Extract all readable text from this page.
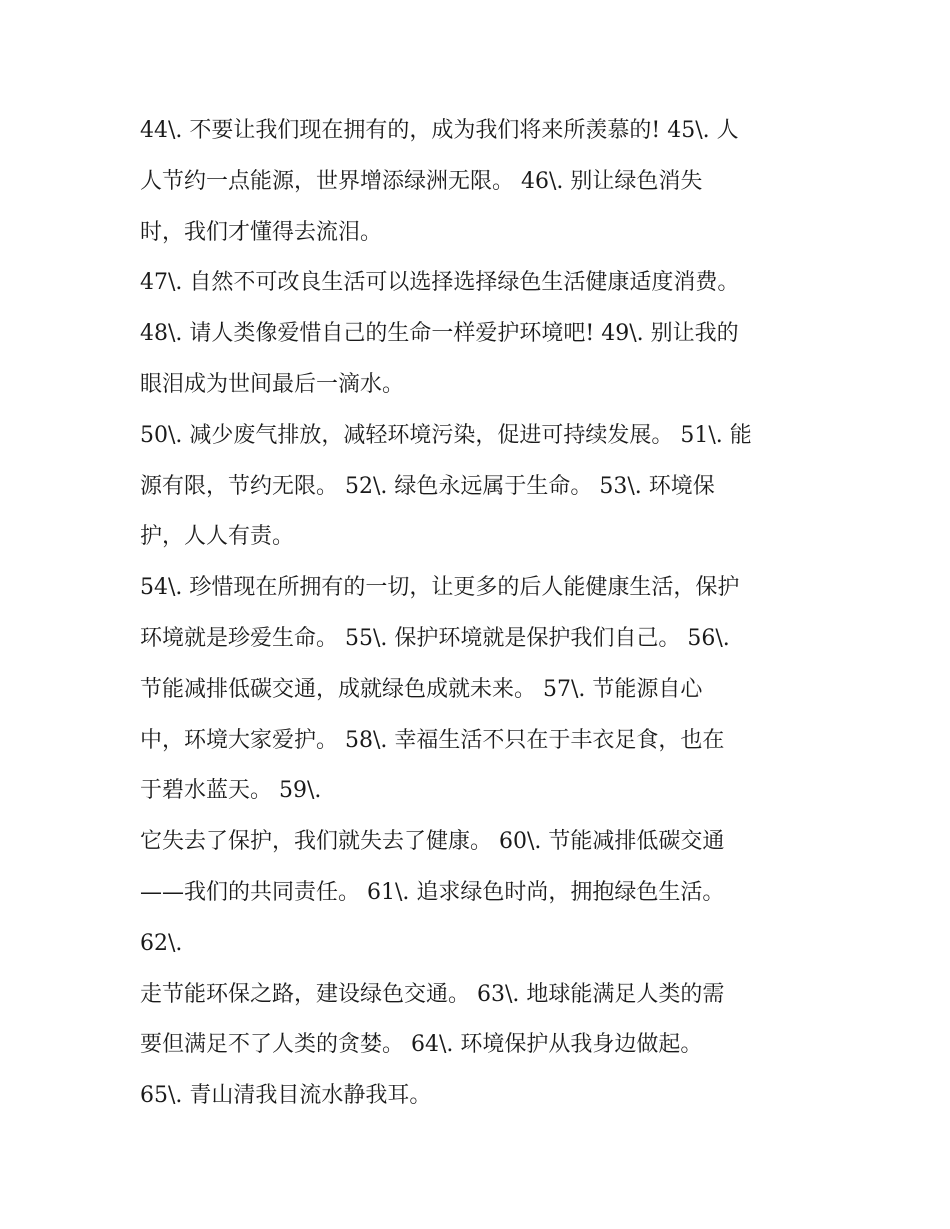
44\. 不要让我们现在拥有的，成为我们将来所羡慕的! 45\. 人
人节约一点能源，世界增添绿洲无限。 46\. 别让绿色消失
时，我们才懂得去流泪。
47\. 自然不可改良生活可以选择选择绿色生活健康适度消费。
48\. 请人类像爱惜自己的生命一样爱护环境吧! 49\. 别让我的
眼泪成为世间最后一滴水。
50\. 减少废气排放，减轻环境污染，促进可持续发展。 51\. 能
源有限，节约无限。 52\. 绿色永远属于生命。 53\. 环境保
护，人人有责。
54\. 珍惜现在所拥有的一切，让更多的后人能健康生活，保护
环境就是珍爱生命。 55\. 保护环境就是保护我们自己。 56\.
节能减排低碳交通，成就绿色成就未来。 57\. 节能源自心
中，环境大家爱护。 58\. 幸福生活不只在于丰衣足食，也在
于碧水蓝天。 59\.
它失去了保护，我们就失去了健康。 60\. 节能减排低碳交通
——我们的共同责任。 61\. 追求绿色时尚，拥抱绿色生活。
62\.
走节能环保之路，建设绿色交通。 63\. 地球能满足人类的需
要但满足不了人类的贪婪。 64\. 环境保护从我身边做起。
65\. 青山清我目流水静我耳。
